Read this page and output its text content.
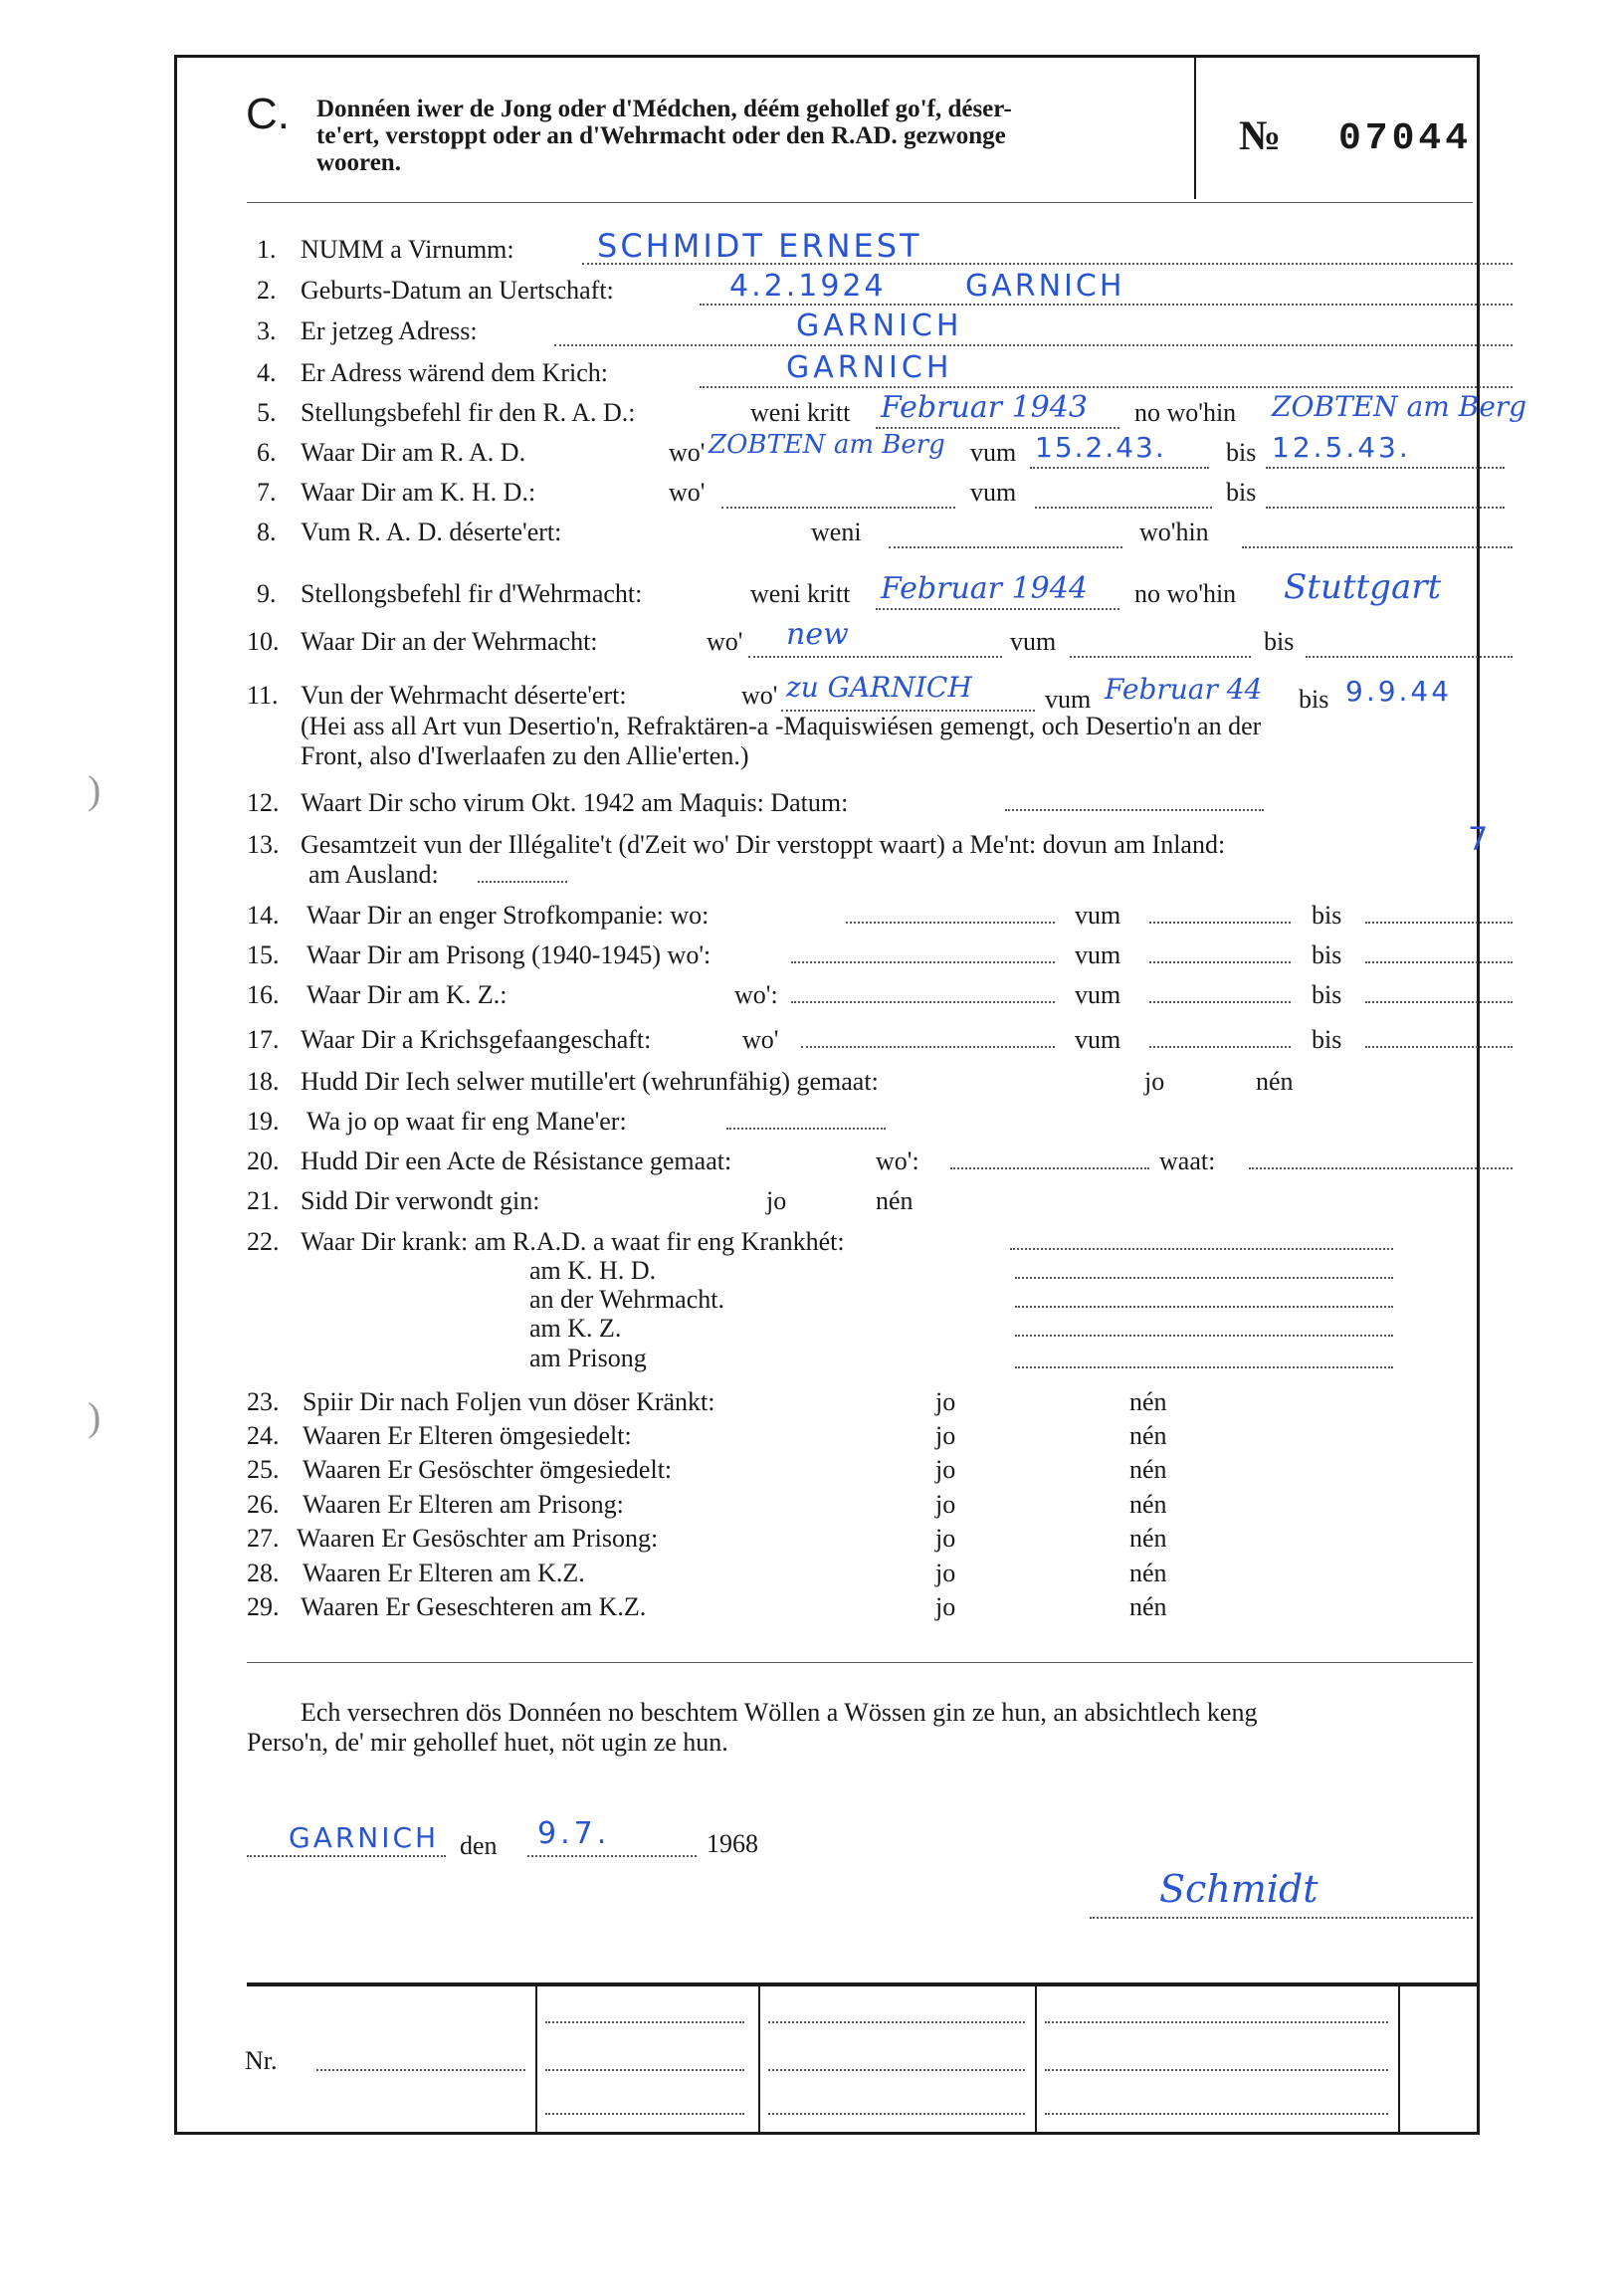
)
)
C. Donnéen iwer de Jong oder d'Médchen, déém gehollef go'f, déser-
te'ert, verstoppt oder an d'Wehrmacht oder den R.AD. gezwonge
wooren.
№ 07044
1. NUMM a Virnumm:	SCHMIDT ERNEST
2. Geburts-Datum an Uertschaft:	4.2.1924	GARNICH
3. Er jetzeg Adress:	GARNICH
4. Er Adress wärend dem Krich:	GARNICH
5. Stellungsbefehl fir den R. A. D.:	weni kritt Februar 1943 no wo'hin ZOBTEN am Berg
6. Waar Dir am R. A. D.	wo' ZOBTEN am Berg vum 15.2.43. bis 12.5.43.
7. Waar Dir am K. H. D.:	wo'	vum	bis
8. Vum R. A. D. déserte'ert:	weni	wo'hin
9. Stellongsbefehl fir d'Wehrmacht:	weni kritt Februar 1944 no wo'hin Stuttgart
10. Waar Dir an der Wehrmacht:	wo' new	vum	bis
11. Vun der Wehrmacht déserte'ert:	wo' zu GARNICH	vum Februar 44 bis 9.9.44
(Hei ass all Art vun Desertio'n, Refraktären-a -Maquiswiésen gemengt, och Desertio'n an der
Front, also d'Iwerlaafen zu den Allie'erten.)
12. Waart Dir scho virum Okt. 1942 am Maquis: Datum:
13. Gesamtzeit vun der Illégalite't (d'Zeit wo' Dir verstoppt waart) a Me'nt: dovun am Inland:	7
am Ausland:
14. Waar Dir an enger Strofkompanie: wo:	vum	bis
15. Waar Dir am Prisong (1940-1945) wo':	vum	bis
16. Waar Dir am K. Z.:	wo':	vum	bis
17. Waar Dir a Krichsgefaangeschaft:	wo'	vum	bis
18. Hudd Dir Iech selwer mutille'ert (wehrunfähig) gemaat:	jo	nén
19. Wa jo op waat fir eng Mane'er:
20. Hudd Dir een Acte de Résistance gemaat:	wo':	waat:
21. Sidd Dir verwondt gin:	jo	nén
22. Waar Dir krank: am R.A.D. a waat fir eng Krankhét:
am K. H. D.
an der Wehrmacht.
am K. Z.
am Prisong
23. Spiir Dir nach Foljen vun döser Kränkt:	jo	nén
24. Waaren Er Elteren ömgesiedelt:	jo	nén
25. Waaren Er Gesöschter ömgesiedelt:	jo	nén
26. Waaren Er Elteren am Prisong:	jo	nén
27. Waaren Er Gesöschter am Prisong:	jo	nén
28. Waaren Er Elteren am K.Z.	jo	nén
29. Waaren Er Geseschteren am K.Z.	jo	nén
Ech versechren dös Donnéen no beschtem Wöllen a Wössen gin ze hun, an absichtlech keng
Perso'n, de' mir gehollef huet, nöt ugin ze hun.
GARNICH den 9.7.	1968
Schmidt
Nr.
